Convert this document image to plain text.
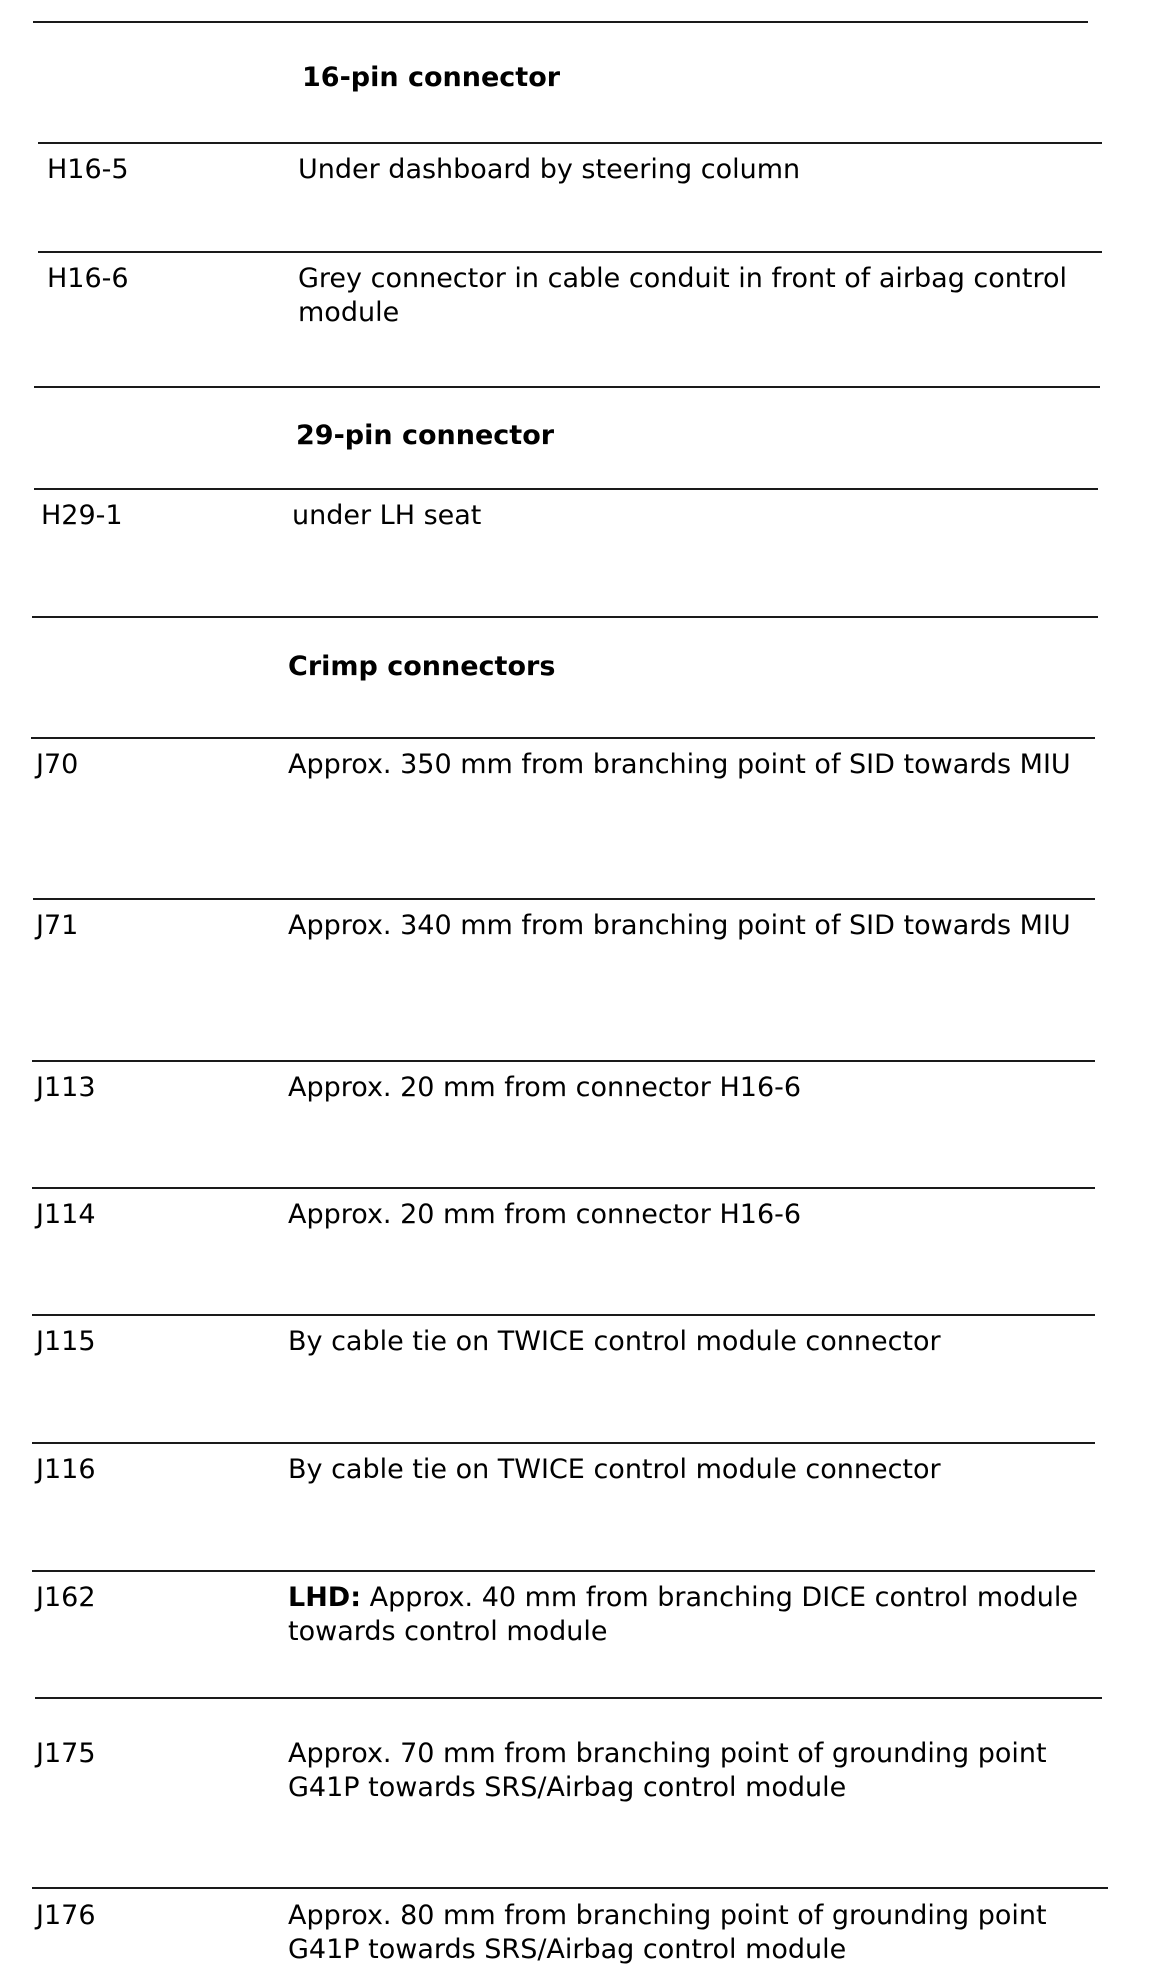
16-pin connector
H16-5	Under dashboard by steering column
H16-6	Grey connector in cable conduit in front of airbag control module
29-pin connector
H29-1	under LH seat
Crimp connectors
J70	Approx. 350 mm from branching point of SID towards MIU
J71	Approx. 340 mm from branching point of SID towards MIU
J113	Approx. 20 mm from connector H16-6
J114	Approx. 20 mm from connector H16-6
J115	By cable tie on TWICE control module connector
J116	By cable tie on TWICE control module connector
J162	LHD: Approx. 40 mm from branching DICE control module towards control module
J175	Approx. 70 mm from branching point of grounding point G41P towards SRS/Airbag control module
J176	Approx. 80 mm from branching point of grounding point G41P towards SRS/Airbag control module
